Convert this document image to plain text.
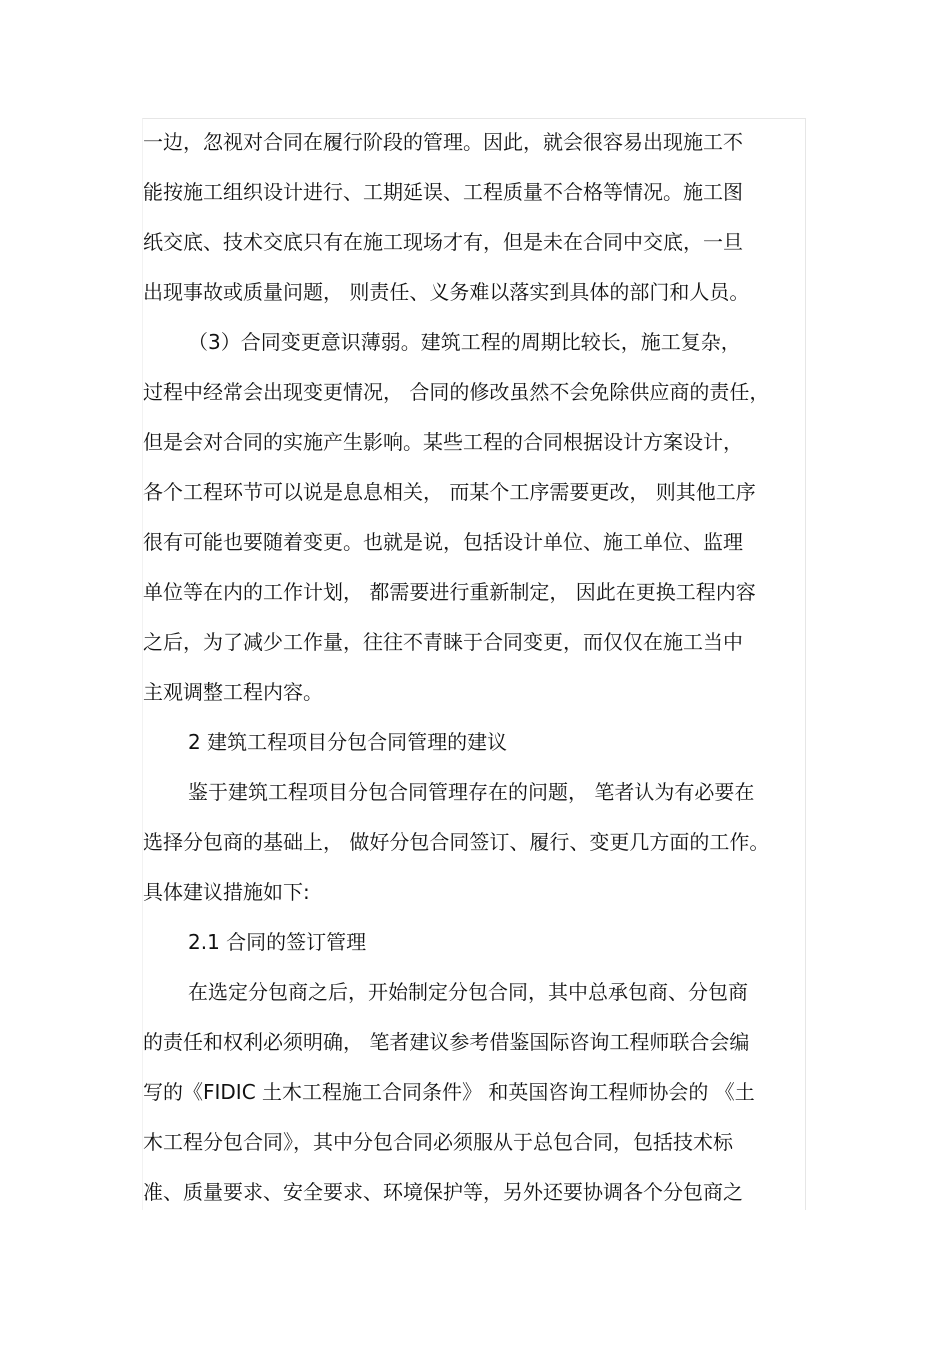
一边，忽视对合同在履行阶段的管理。因此，就会很容易出现施工不
能按施工组织设计进行、工期延误、工程质量不合格等情况。施工图
纸交底、技术交底只有在施工现场才有，但是未在合同中交底，一旦
出现事故或质量问题， 则责任、义务难以落实到具体的部门和人员。
（3）合同变更意识薄弱。建筑工程的周期比较长，施工复杂，
过程中经常会出现变更情况， 合同的修改虽然不会免除供应商的责任，
但是会对合同的实施产生影响。某些工程的合同根据设计方案设计，
各个工程环节可以说是息息相关， 而某个工序需要更改， 则其他工序
很有可能也要随着变更。也就是说，包括设计单位、施工单位、监理
单位等在内的工作计划， 都需要进行重新制定， 因此在更换工程内容
之后，为了减少工作量，往往不青睐于合同变更，而仅仅在施工当中
主观调整工程内容。
2 建筑工程项目分包合同管理的建议
鉴于建筑工程项目分包合同管理存在的问题， 笔者认为有必要在
选择分包商的基础上， 做好分包合同签订、履行、变更几方面的工作。
具体建议措施如下:
2.1 合同的签订管理
在选定分包商之后，开始制定分包合同，其中总承包商、分包商
的责任和权利必须明确， 笔者建议参考借鉴国际咨询工程师联合会编
写的《FIDIC 土木工程施工合同条件》 和英国咨询工程师协会的 《土
木工程分包合同》，其中分包合同必须服从于总包合同，包括技术标
准、质量要求、安全要求、环境保护等，另外还要协调各个分包商之
